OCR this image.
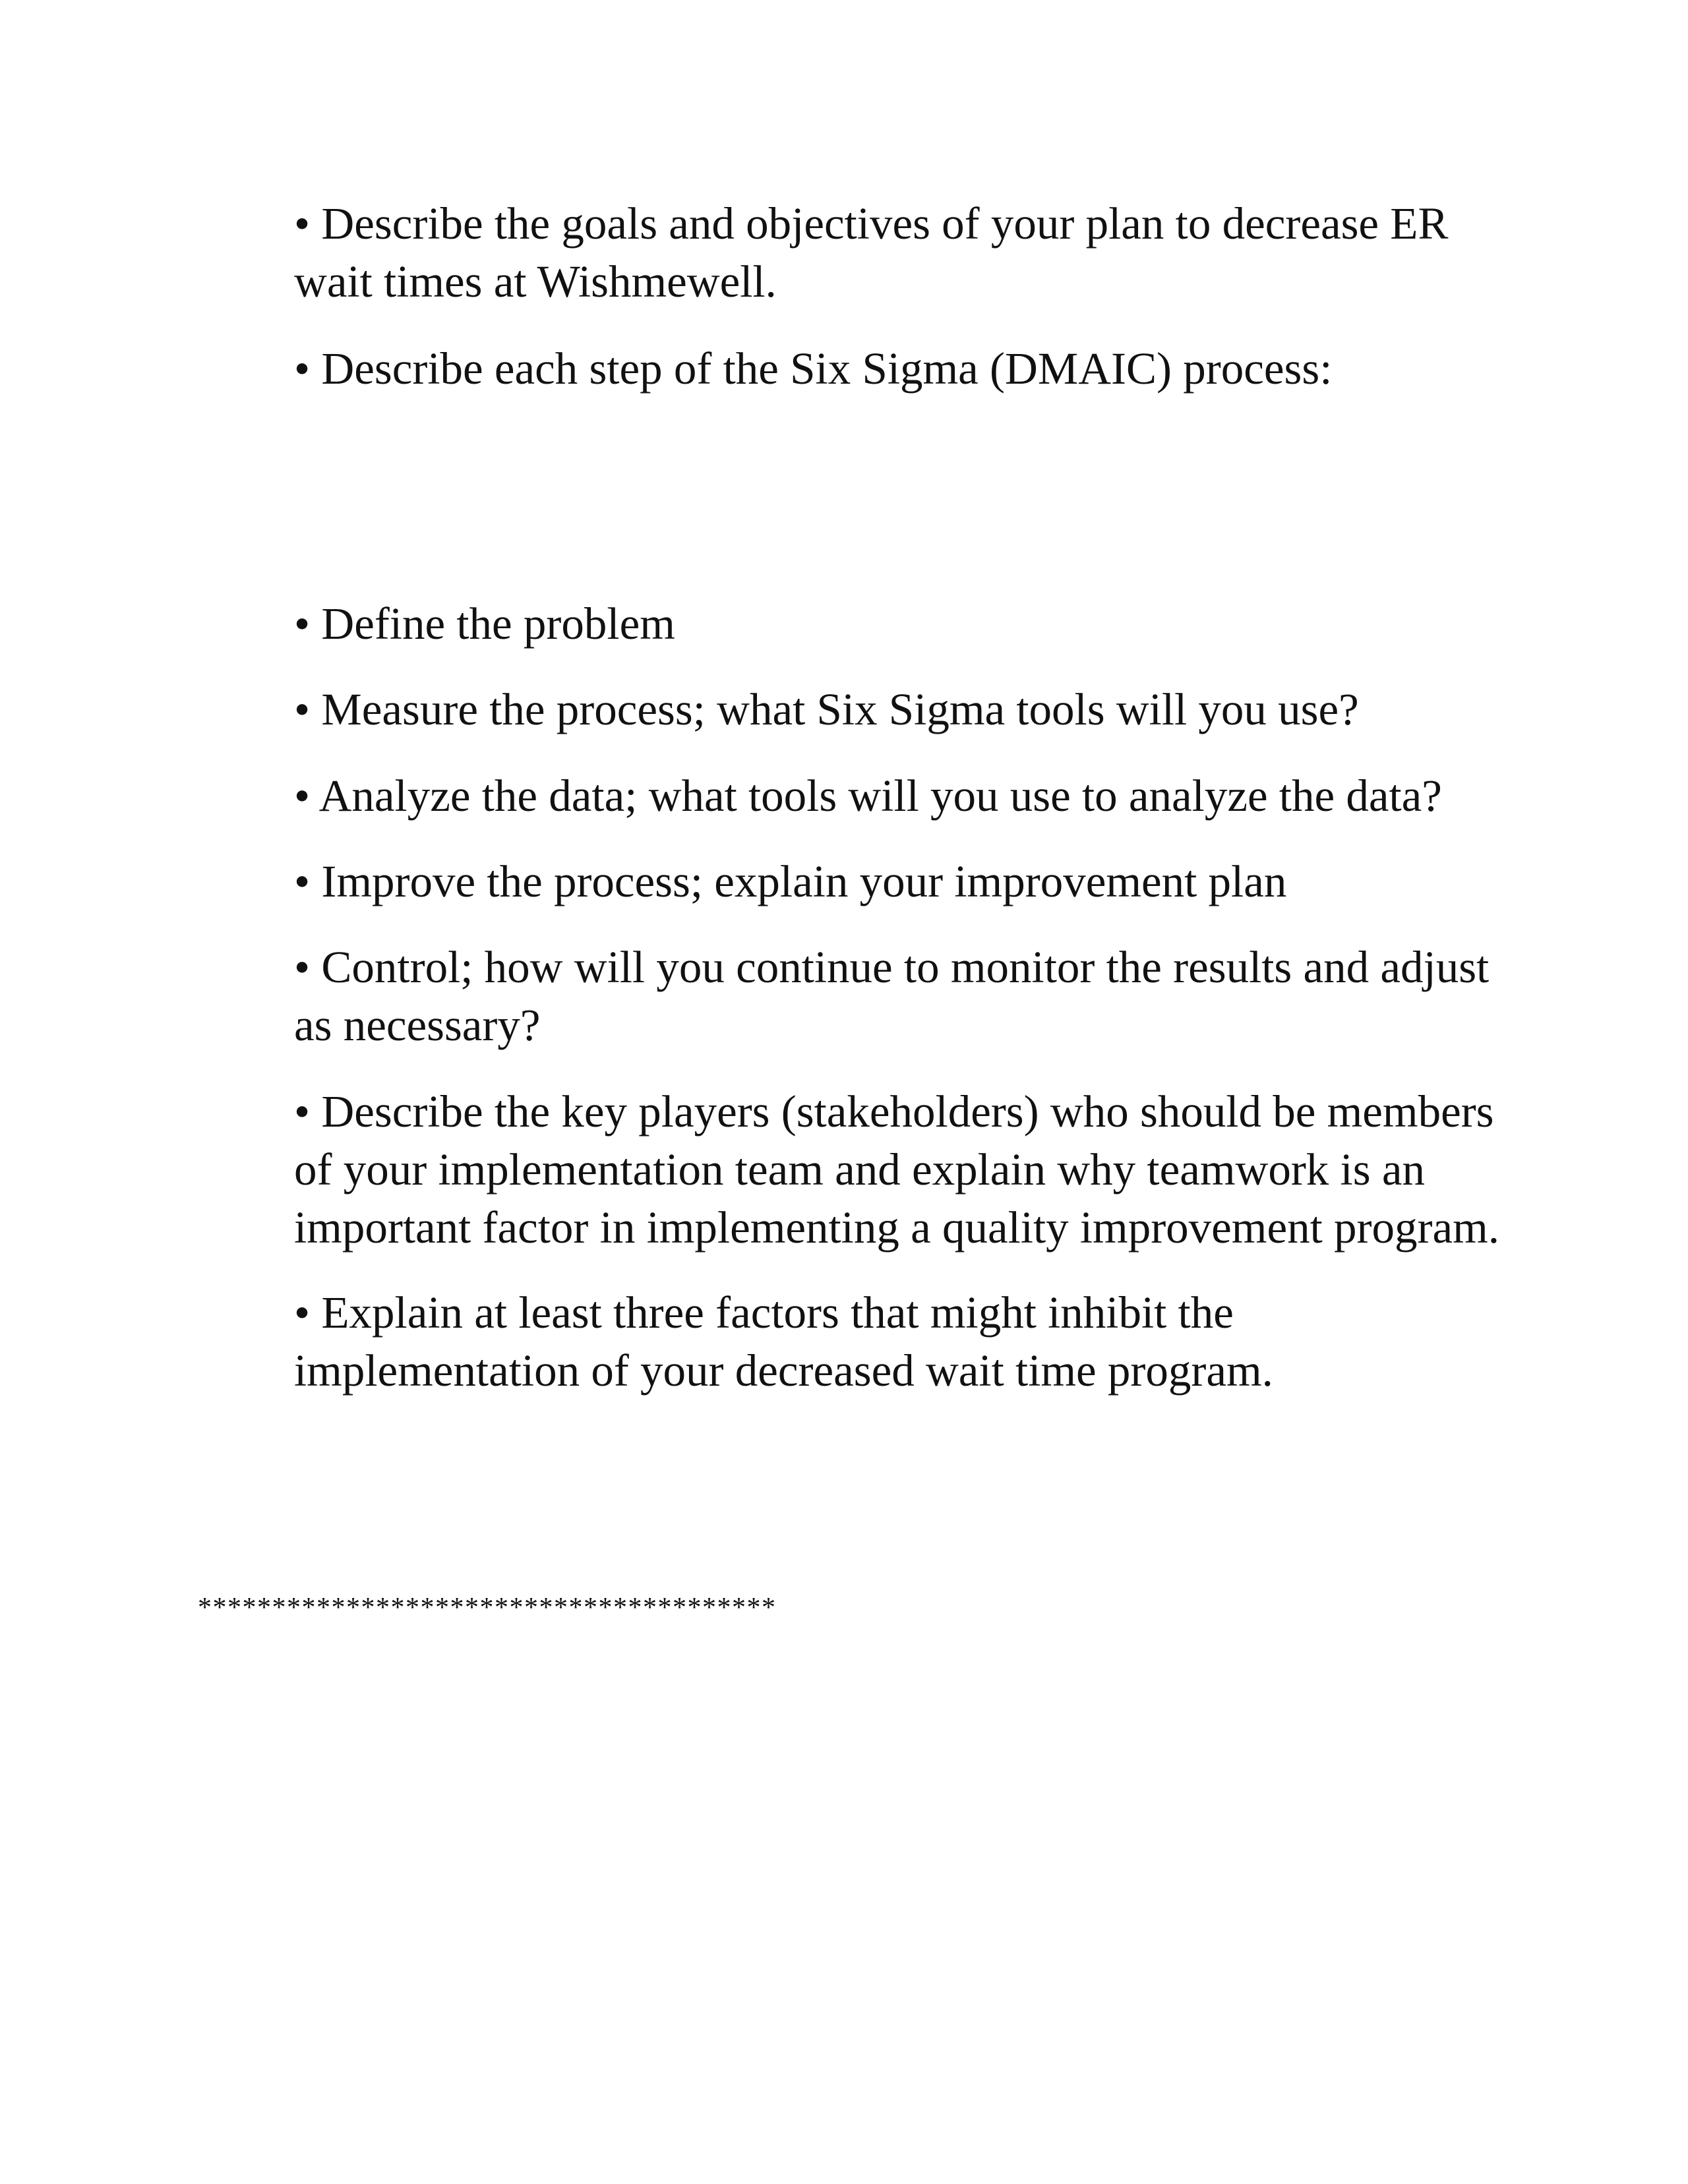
• Describe the goals and objectives of your plan to decrease ER
wait times at Wishmewell.

• Describe each step of the Six Sigma (DMAIC) process:

• Define the problem

• Measure the process; what Six Sigma tools will you use?

• Analyze the data; what tools will you use to analyze the data?

• Improve the process; explain your improvement plan

• Control; how will you continue to monitor the results and adjust
as necessary?

• Describe the key players (stakeholders) who should be members
of your implementation team and explain why teamwork is an
important factor in implementing a quality improvement program.

• Explain at least three factors that might inhibit the
implementation of your decreased wait time program.

***************************************
